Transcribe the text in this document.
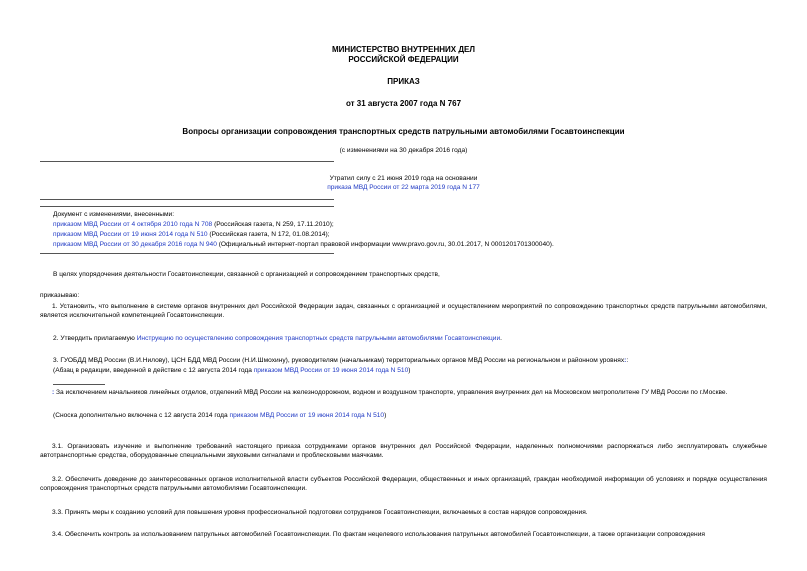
МИНИСТЕРСТВО ВНУТРЕННИХ ДЕЛ
РОССИЙСКОЙ ФЕДЕРАЦИИ
ПРИКАЗ
от 31 августа 2007 года N 767
Вопросы организации сопровождения транспортных средств патрульными автомобилями Госавтоинспекции
(с изменениями на 30 декабря 2016 года)
Утратил силу с 21 июня 2019 года на основании
приказа МВД России от 22 марта 2019 года N 177
Документ с изменениями, внесенными:
приказом МВД России от 4 октября 2010 года N 708 (Российская газета, N 259, 17.11.2010);
приказом МВД России от 19 июня 2014 года N 510 (Российская газета, N 172, 01.08.2014);
приказом МВД России от 30 декабря 2016 года N 940 (Официальный интернет-портал правовой информации www.pravo.gov.ru, 30.01.2017, N 0001201701300040).
В целях упорядочения деятельности Госавтоинспекции, связанной с организацией и сопровождением транспортных средств,
приказываю:
1. Установить, что выполнение в системе органов внутренних дел Российской Федерации задач, связанных с организацией и осуществлением мероприятий по сопровождению транспортных средств патрульными автомобилями, является исключительной компетенцией Госавтоинспекции.
2. Утвердить прилагаемую Инструкцию по осуществлению сопровождения транспортных средств патрульными автомобилями Госавтоинспекции.
3. ГУОБДД МВД России (В.И.Нилову), ЦСН БДД МВД России (Н.И.Шмохину), руководителям (начальникам) территориальных органов МВД России на региональном и районном уровнях::
(Абзац в редакции, введенной в действие с 12 августа 2014 года приказом МВД России от 19 июня 2014 года N 510)
: За исключением начальников линейных отделов, отделений МВД России на железнодорожном, водном и воздушном транспорте, управления внутренних дел на Московском метрополитене ГУ МВД России по г.Москве.
(Сноска дополнительно включена с 12 августа 2014 года приказом МВД России от 19 июня 2014 года N 510)
3.1. Организовать изучение и выполнение требований настоящего приказа сотрудниками органов внутренних дел Российской Федерации, наделенных полномочиями распоряжаться либо эксплуатировать служебные автотранспортные средства, оборудованные специальными звуковыми сигналами и проблесковыми маячками.
3.2. Обеспечить доведение до заинтересованных органов исполнительной власти субъектов Российской Федерации, общественных и иных организаций, граждан необходимой информации об условиях и порядке осуществления сопровождения транспортных средств патрульными автомобилями Госавтоинспекции.
3.3. Принять меры к созданию условий для повышения уровня профессиональной подготовки сотрудников Госавтоинспекции, включаемых в состав нарядов сопровождения.
3.4. Обеспечить контроль за использованием патрульных автомобилей Госавтоинспекции. По фактам нецелевого использования патрульных автомобилей Госавтоинспекции, а также организации сопровождения
